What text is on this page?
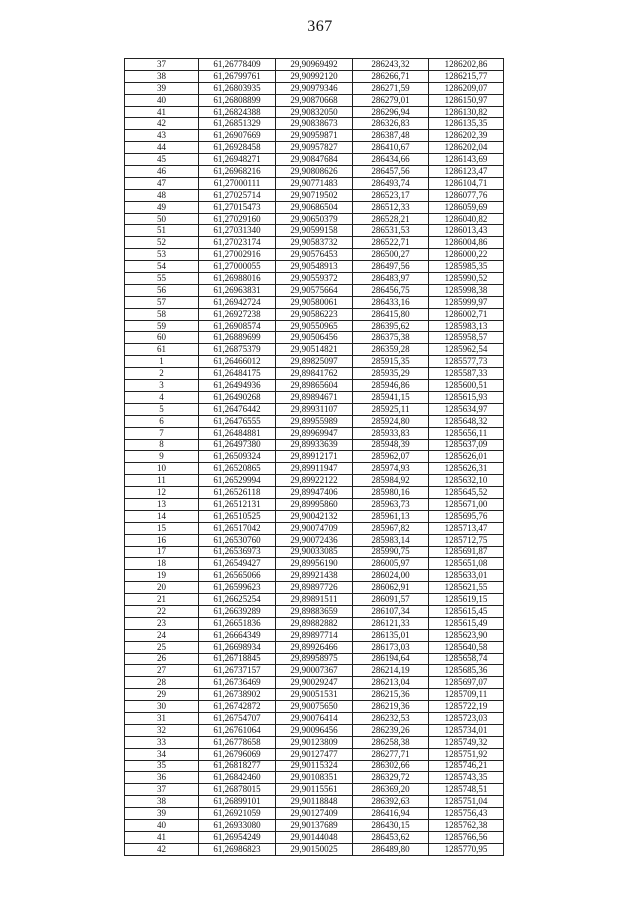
367
37	61,26778409	29,90969492	286243,32	1286202,86
38	61,26799761	29,90992120	286266,71	1286215,77
39	61,26803935	29,90979346	286271,59	1286209,07
40	61,26808899	29,90870668	286279,01	1286150,97
41	61,26824388	29,90832050	286296,94	1286130,82
42	61,26851329	29,90838673	286326,83	1286135,35
43	61,26907669	29,90959871	286387,48	1286202,39
44	61,26928458	29,90957827	286410,67	1286202,04
45	61,26948271	29,90847684	286434,66	1286143,69
46	61,26968216	29,90808626	286457,56	1286123,47
47	61,27000111	29,90771483	286493,74	1286104,71
48	61,27025714	29,90719502	286523,17	1286077,76
49	61,27015473	29,90686504	286512,33	1286059,69
50	61,27029160	29,90650379	286528,21	1286040,82
51	61,27031340	29,90599158	286531,53	1286013,43
52	61,27023174	29,90583732	286522,71	1286004,86
53	61,27002916	29,90576453	286500,27	1286000,22
54	61,27000055	29,90548913	286497,56	1285985,35
55	61,26988016	29,90559372	286483,97	1285990,52
56	61,26963831	29,90575664	286456,75	1285998,38
57	61,26942724	29,90580061	286433,16	1285999,97
58	61,26927238	29,90586223	286415,80	1286002,71
59	61,26908574	29,90550965	286395,62	1285983,13
60	61,26889699	29,90506456	286375,38	1285958,57
61	61,26875379	29,90514821	286359,28	1285962,54
1	61,26466012	29,89825097	285915,35	1285577,73
2	61,26484175	29,89841762	285935,29	1285587,33
3	61,26494936	29,89865604	285946,86	1285600,51
4	61,26490268	29,89894671	285941,15	1285615,93
5	61,26476442	29,89931107	285925,11	1285634,97
6	61,26476555	29,89955989	285924,80	1285648,32
7	61,26484881	29,89969947	285933,83	1285656,11
8	61,26497380	29,89933639	285948,39	1285637,09
9	61,26509324	29,89912171	285962,07	1285626,01
10	61,26520865	29,89911947	285974,93	1285626,31
11	61,26529994	29,89922122	285984,92	1285632,10
12	61,26526118	29,89947406	285980,16	1285645,52
13	61,26512131	29,89995860	285963,73	1285671,00
14	61,26510525	29,90042132	285961,13	1285695,76
15	61,26517042	29,90074709	285967,82	1285713,47
16	61,26530760	29,90072436	285983,14	1285712,75
17	61,26536973	29,90033085	285990,75	1285691,87
18	61,26549427	29,89956190	286005,97	1285651,08
19	61,26565066	29,89921438	286024,00	1285633,01
20	61,26599623	29,89897726	286062,91	1285621,55
21	61,26625254	29,89891511	286091,57	1285619,15
22	61,26639289	29,89883659	286107,34	1285615,45
23	61,26651836	29,89882882	286121,33	1285615,49
24	61,26664349	29,89897714	286135,01	1285623,90
25	61,26698934	29,89926466	286173,03	1285640,58
26	61,26718845	29,89958975	286194,64	1285658,74
27	61,26737157	29,90007367	286214,19	1285685,36
28	61,26736469	29,90029247	286213,04	1285697,07
29	61,26738902	29,90051531	286215,36	1285709,11
30	61,26742872	29,90075650	286219,36	1285722,19
31	61,26754707	29,90076414	286232,53	1285723,03
32	61,26761064	29,90096456	286239,26	1285734,01
33	61,26778658	29,90123809	286258,38	1285749,32
34	61,26796069	29,90127477	286277,71	1285751,92
35	61,26818277	29,90115324	286302,66	1285746,21
36	61,26842460	29,90108351	286329,72	1285743,35
37	61,26878015	29,90115561	286369,20	1285748,51
38	61,26899101	29,90118848	286392,63	1285751,04
39	61,26921059	29,90127409	286416,94	1285756,43
40	61,26933080	29,90137689	286430,15	1285762,38
41	61,26954249	29,90144048	286453,62	1285766,56
42	61,26986823	29,90150025	286489,80	1285770,95
